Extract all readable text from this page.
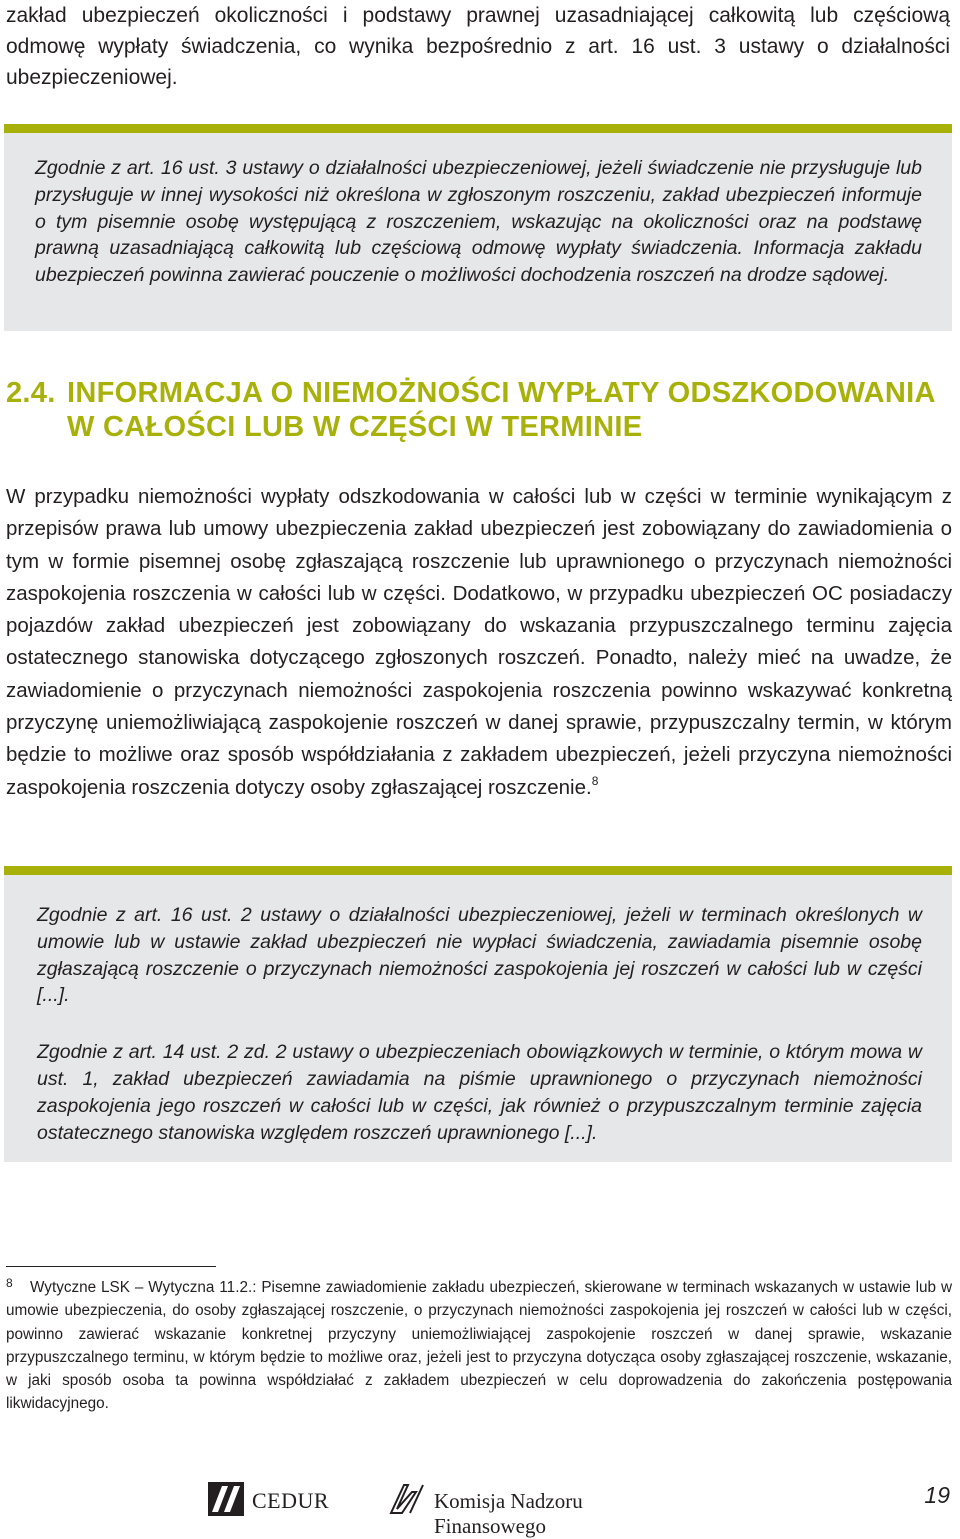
zakład ubezpieczeń okoliczności i podstawy prawnej uzasadniającej całkowitą lub częściową odmowę wypłaty świadczenia, co wynika bezpośrednio z art. 16 ust. 3 ustawy o działalności ubezpieczeniowej.

Zgodnie z art. 16 ust. 3 ustawy o działalności ubezpieczeniowej, jeżeli świadczenie nie przysługuje lub przysługuje w innej wysokości niż określona w zgłoszonym roszczeniu, zakład ubezpieczeń informuje o tym pisemnie osobę występującą z roszczeniem, wskazując na okoliczności oraz na podstawę prawną uzasadniającą całkowitą lub częściową odmowę wypłaty świadczenia. Informacja zakładu ubezpieczeń powinna zawierać pouczenie o możliwości dochodzenia roszczeń na drodze sądowej.

2.4. INFORMACJA O NIEMOŻNOŚCI WYPŁATY ODSZKODOWANIA
W CAŁOŚCI LUB W CZĘŚCI W TERMINIE

W przypadku niemożności wypłaty odszkodowania w całości lub w części w terminie wynikającym z przepisów prawa lub umowy ubezpieczenia zakład ubezpieczeń jest zobowiązany do zawiadomienia o tym w formie pisemnej osobę zgłaszającą roszczenie lub uprawnionego o przyczynach niemożności zaspokojenia roszczenia w całości lub w części. Dodatkowo, w przypadku ubezpieczeń OC posiadaczy pojazdów zakład ubezpieczeń jest zobowiązany do wskazania przypuszczalnego terminu zajęcia ostatecznego stanowiska dotyczącego zgłoszonych roszczeń. Ponadto, należy mieć na uwadze, że zawiadomienie o przyczynach niemożności zaspokojenia roszczenia powinno wskazywać konkretną przyczynę uniemożliwiającą zaspokojenie roszczeń w danej sprawie, przypuszczalny termin, w którym będzie to możliwe oraz sposób współdziałania z zakładem ubezpieczeń, jeżeli przyczyna niemożności zaspokojenia roszczenia dotyczy osoby zgłaszającej roszczenie.$^8$

Zgodnie z art. 16 ust. 2 ustawy o działalności ubezpieczeniowej, jeżeli w terminach określonych w umowie lub w ustawie zakład ubezpieczeń nie wypłaci świadczenia, zawiadamia pisemnie osobę zgłaszającą roszczenie o przyczynach niemożności zaspokojenia jej roszczeń w całości lub w części [...].

Zgodnie z art. 14 ust. 2 zd. 2 ustawy o ubezpieczeniach obowiązkowych w terminie, o którym mowa w ust. 1, zakład ubezpieczeń zawiadamia na piśmie uprawnionego o przyczynach niemożności zaspokojenia jego roszczeń w całości lub w części, jak również o przypuszczalnym terminie zajęcia ostatecznego stanowiska względem roszczeń uprawnionego [...].

8 Wytyczne LSK – Wytyczna 11.2.: Pisemne zawiadomienie zakładu ubezpieczeń, skierowane w terminach wskazanych w ustawie lub w umowie ubezpieczenia, do osoby zgłaszającej roszczenie, o przyczynach niemożności zaspokojenia jej roszczeń w całości lub w części, powinno zawierać wskazanie konkretnej przyczyny uniemożliwiającej zaspokojenie roszczeń w danej sprawie, wskazanie przypuszczalnego terminu, w którym będzie to możliwe oraz, jeżeli jest to przyczyna dotycząca osoby zgłaszającej roszczenie, wskazanie, w jaki sposób osoba ta powinna współdziałać z zakładem ubezpieczeń w celu doprowadzenia do zakończenia postępowania likwidacyjnego.

CEDUR	Komisja Nadzoru Finansowego
19
